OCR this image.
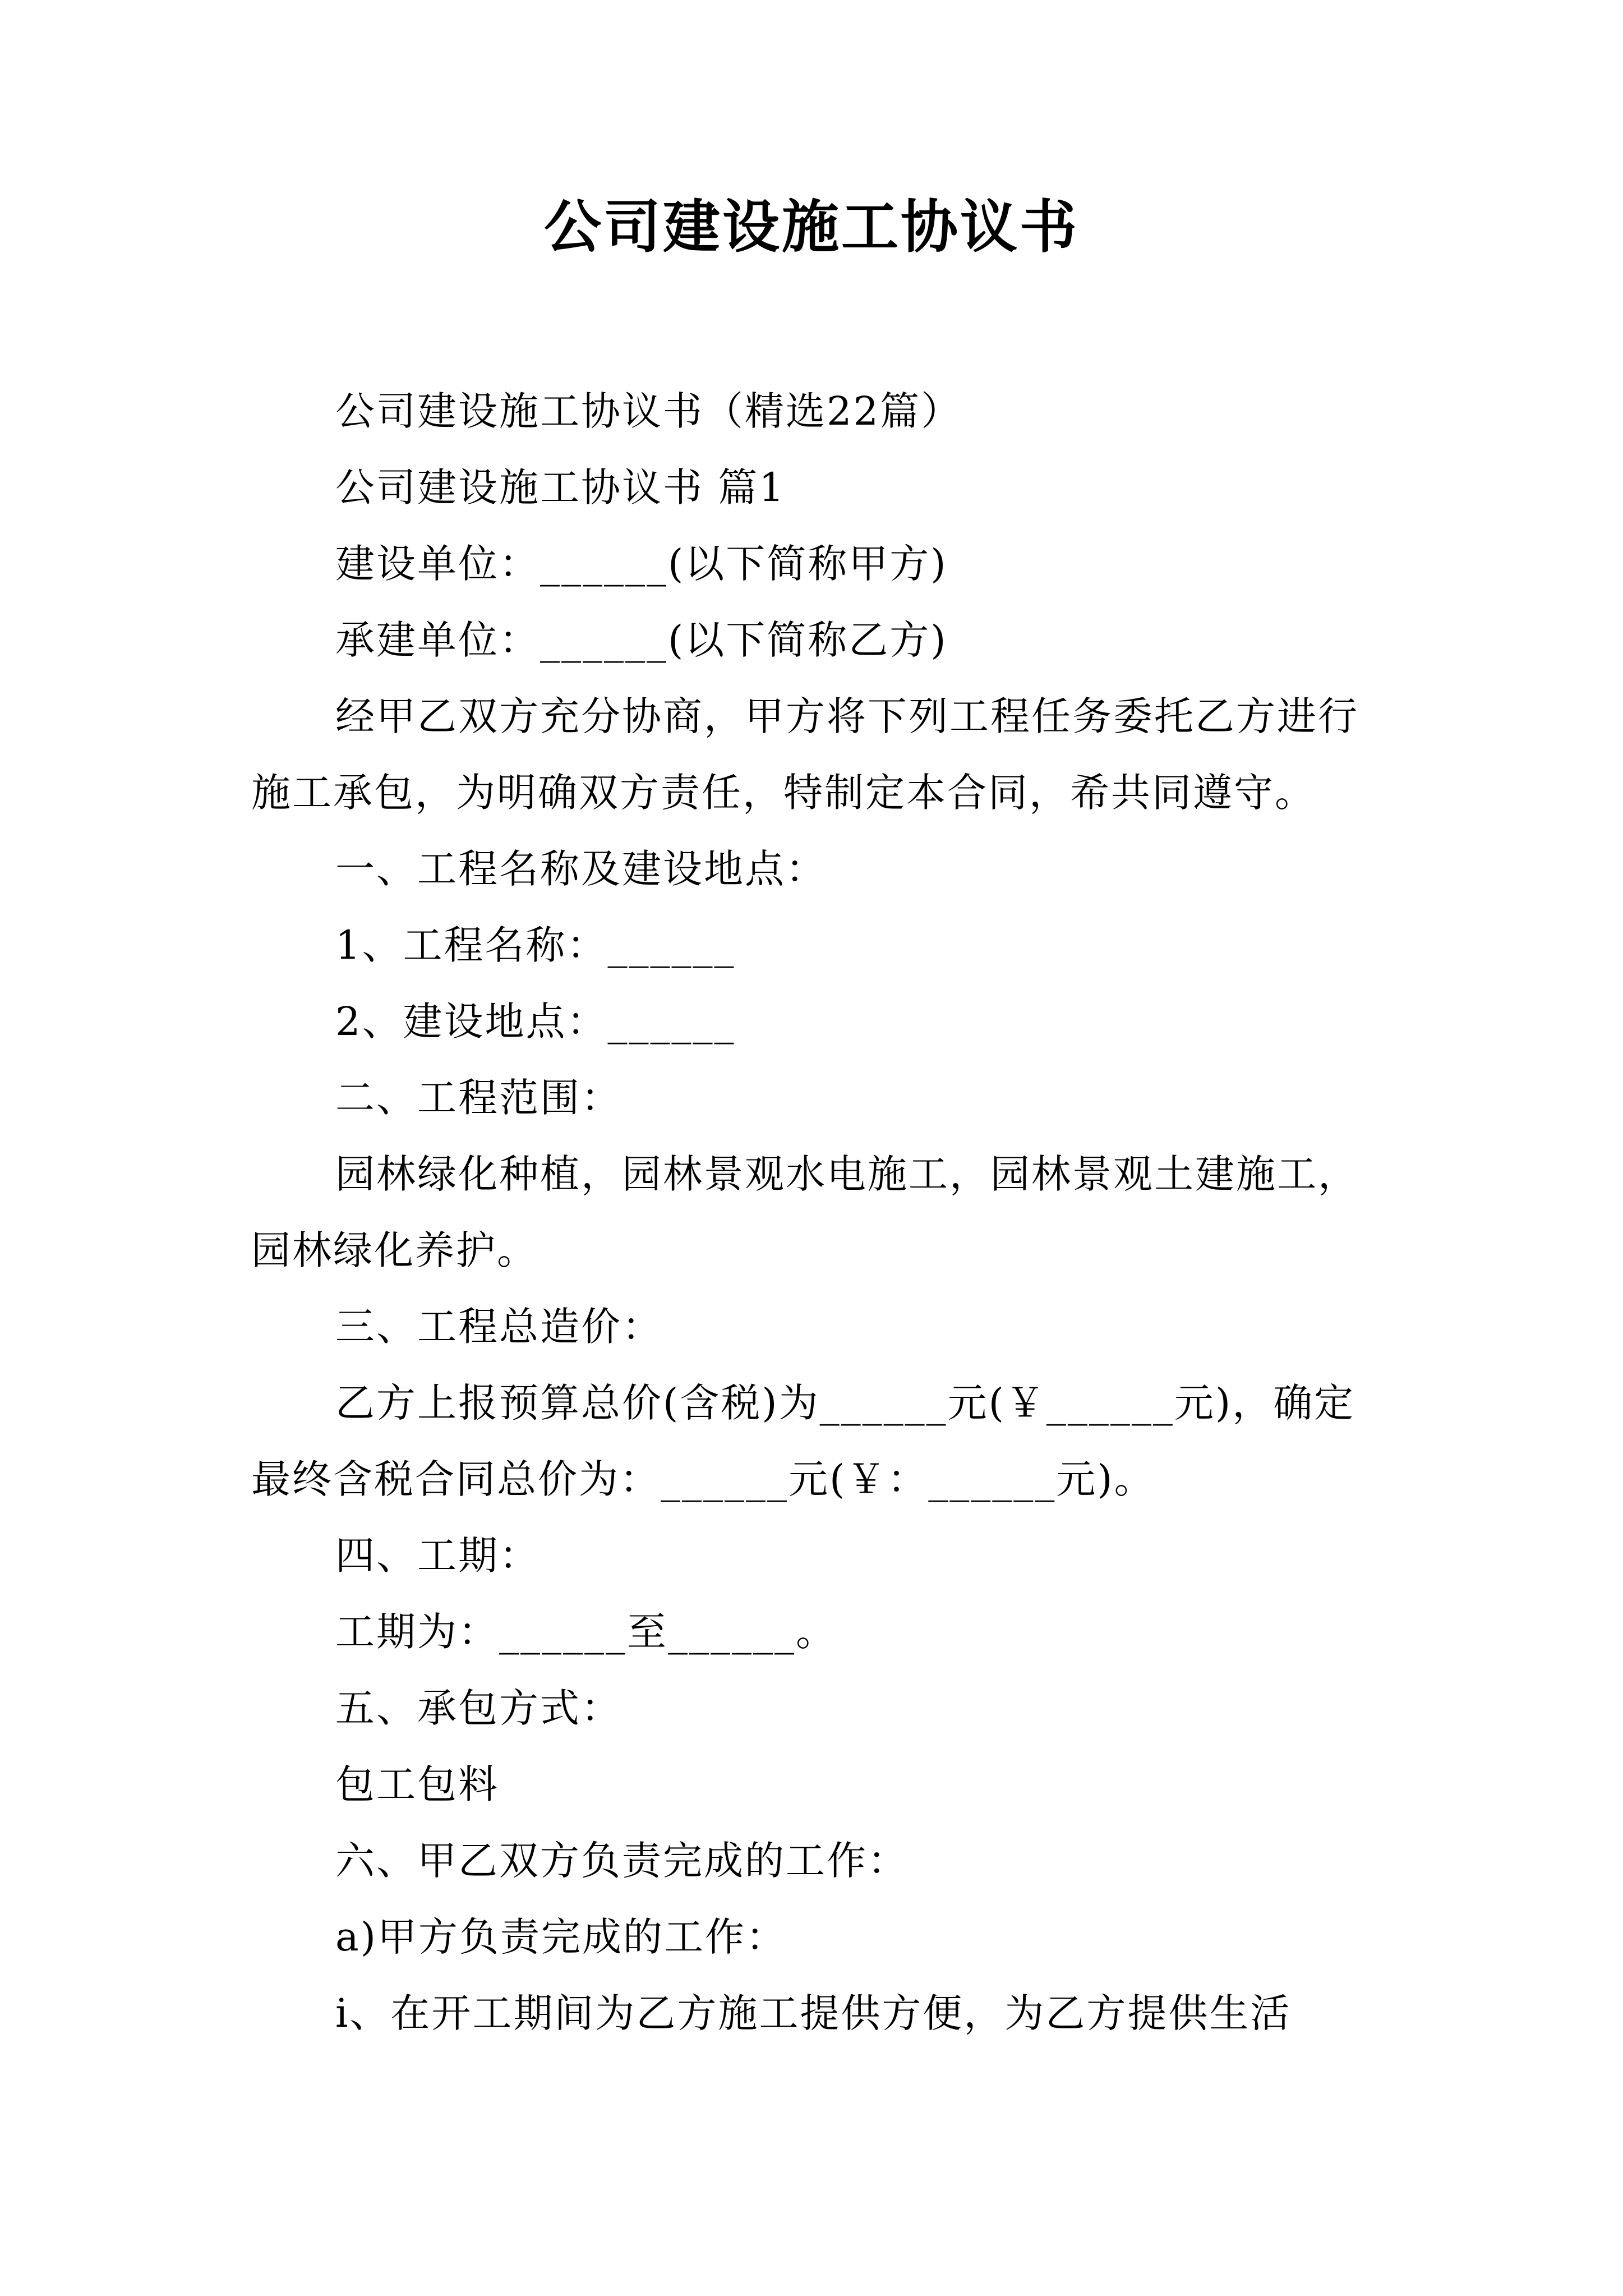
公司建设施工协议书

公司建设施工协议书（精选22篇）

公司建设施工协议书 篇1

建设单位：______(以下简称甲方)

承建单位：______(以下简称乙方)

经甲乙双方充分协商，甲方将下列工程任务委托乙方进行施工承包，为明确双方责任，特制定本合同，希共同遵守。

一、工程名称及建设地点：

1、工程名称：______

2、建设地点：______

二、工程范围：

园林绿化种植，园林景观水电施工，园林景观土建施工，园林绿化养护。

三、工程总造价：

乙方上报预算总价(含税)为______元(￥______元)，确定最终含税合同总价为：______元(￥：______元)。

四、工期：

工期为：______至______。

五、承包方式：

包工包料

六、甲乙双方负责完成的工作：

a)甲方负责完成的工作：

i、在开工期间为乙方施工提供方便，为乙方提供生活
